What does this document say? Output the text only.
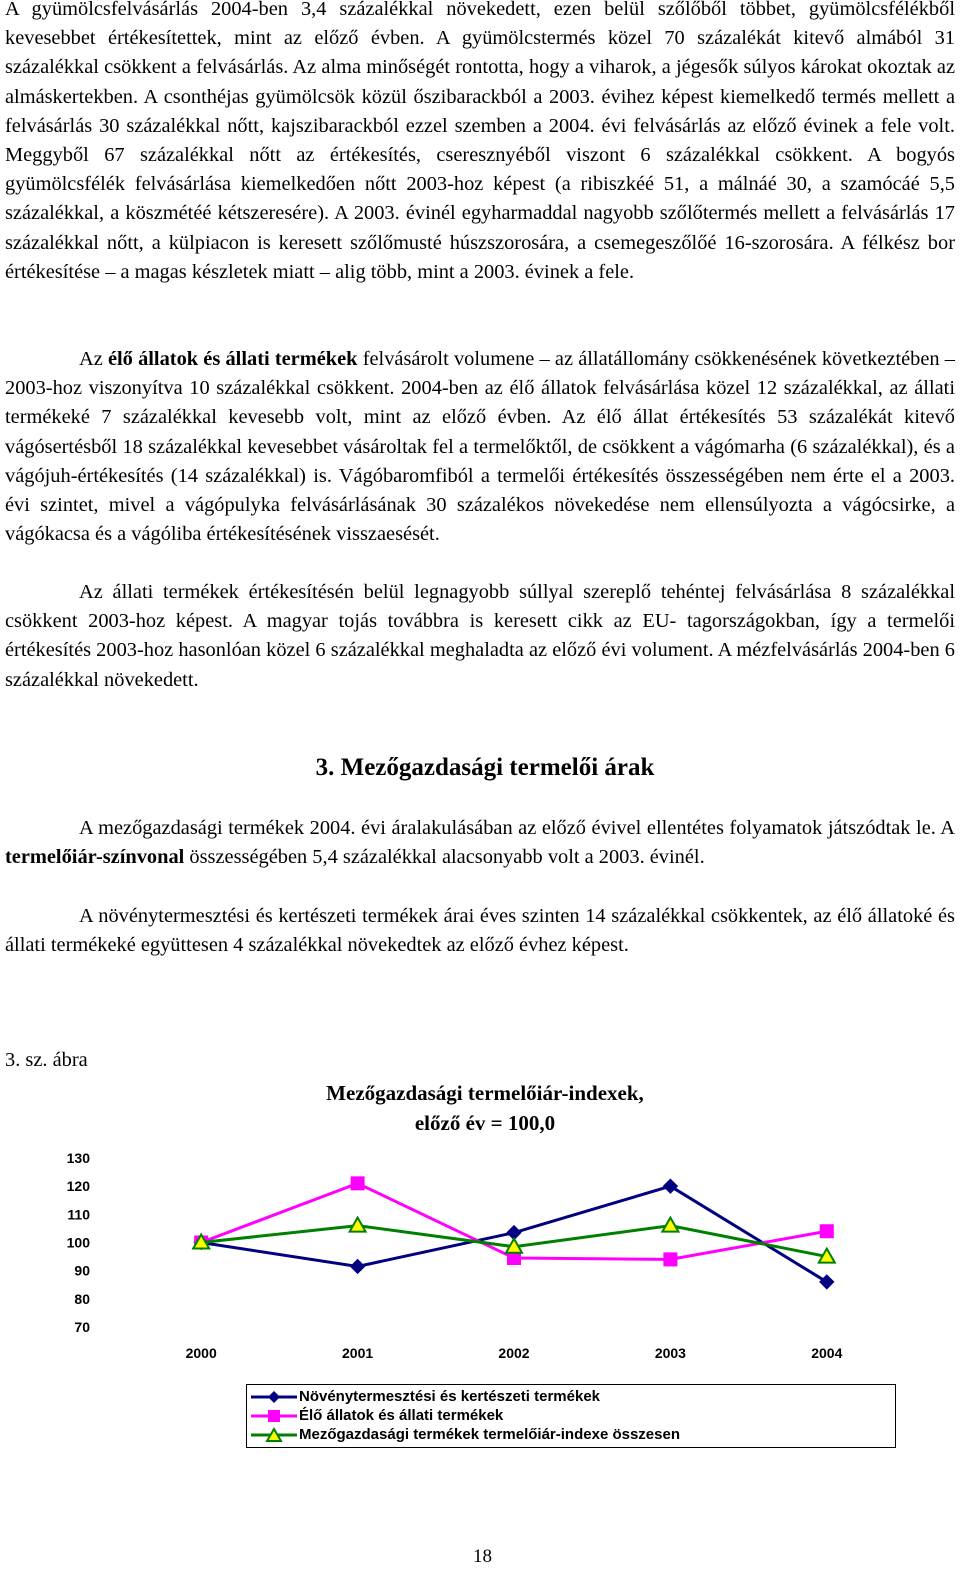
A gyümölcsfelvásárlás 2004-ben 3,4 százalékkal növekedett, ezen belül szőlőből többet, gyümölcsfélékből kevesebbet értékesítettek, mint az előző évben. A gyümölcstermés közel 70 százalékát kitevő almából 31 százalékkal csökkent a felvásárlás. Az alma minőségét rontotta, hogy a viharok, a jégesők súlyos károkat okoztak az almáskertekben. A csonthéjas gyümölcsök közül őszibarackból a 2003. évihez képest kiemelkedő termés mellett a felvásárlás 30 százalékkal nőtt, kajszibarackból ezzel szemben a 2004. évi felvásárlás az előző évinek a fele volt. Meggyből 67 százalékkal nőtt az értékesítés, cseresznyéből viszont 6 százalékkal csökkent. A bogyós gyümölcsfélék felvásárlása kiemelkedően nőtt 2003-hoz képest (a ribiszkéé 51, a málnáé 30, a szamócáé 5,5 százalékkal, a köszmétéé kétszeresére). A 2003. évinél egyharmaddal nagyobb szőlőtermés mellett a felvásárlás 17 százalékkal nőtt, a külpiacon is keresett szőlőmusté húszszorosára, a csemegeszőlőé 16-szorosára. A félkész bor értékesítése – a magas készletek miatt – alig több, mint a 2003. évinek a fele.

Az élő állatok és állati termékek felvásárolt volumene – az állatállomány csökkenésének következtében – 2003-hoz viszonyítva 10 százalékkal csökkent. 2004-ben az élő állatok felvásárlása közel 12 százalékkal, az állati termékeké 7 százalékkal kevesebb volt, mint az előző évben. Az élő állat értékesítés 53 százalékát kitevő vágósertésből 18 százalékkal kevesebbet vásároltak fel a termelőktől, de csökkent a vágómarha (6 százalékkal), és a vágójuh-értékesítés (14 százalékkal) is. Vágóbaromfiból a termelői értékesítés összességében nem érte el a 2003. évi szintet, mivel a vágópulyka felvásárlásának 30 százalékos növekedése nem ellensúlyozta a vágócsirke, a vágókacsa és a vágóliba értékesítésének visszaesését.

Az állati termékek értékesítésén belül legnagyobb súllyal szereplő tehéntej felvásárlása 8 százalékkal csökkent 2003-hoz képest. A magyar tojás továbbra is keresett cikk az EU- tagországokban, így a termelői értékesítés 2003-hoz hasonlóan közel 6 százalékkal meghaladta az előző évi volument. A mézfelvásárlás 2004-ben 6 százalékkal növekedett.

3. Mezőgazdasági termelői árak

A mezőgazdasági termékek 2004. évi áralakulásában az előző évivel ellentétes folyamatok játszódtak le. A termelőiár-színvonal összességében 5,4 százalékkal alacsonyabb volt a 2003. évinél.

A növénytermesztési és kertészeti termékek árai éves szinten 14 százalékkal csökkentek, az élő állatoké és állati termékeké együttesen 4 százalékkal növekedtek az előző évhez képest.

3. sz. ábra
Mezőgazdasági termelőiár-indexek,
előző év = 100,0
130
120
110
100
90
80
70
2000	2001	2002	2003	2004
Növénytermesztési és kertészeti termékek
Élő állatok és állati termékek
Mezőgazdasági termékek termelőiár-indexe összesen
18
